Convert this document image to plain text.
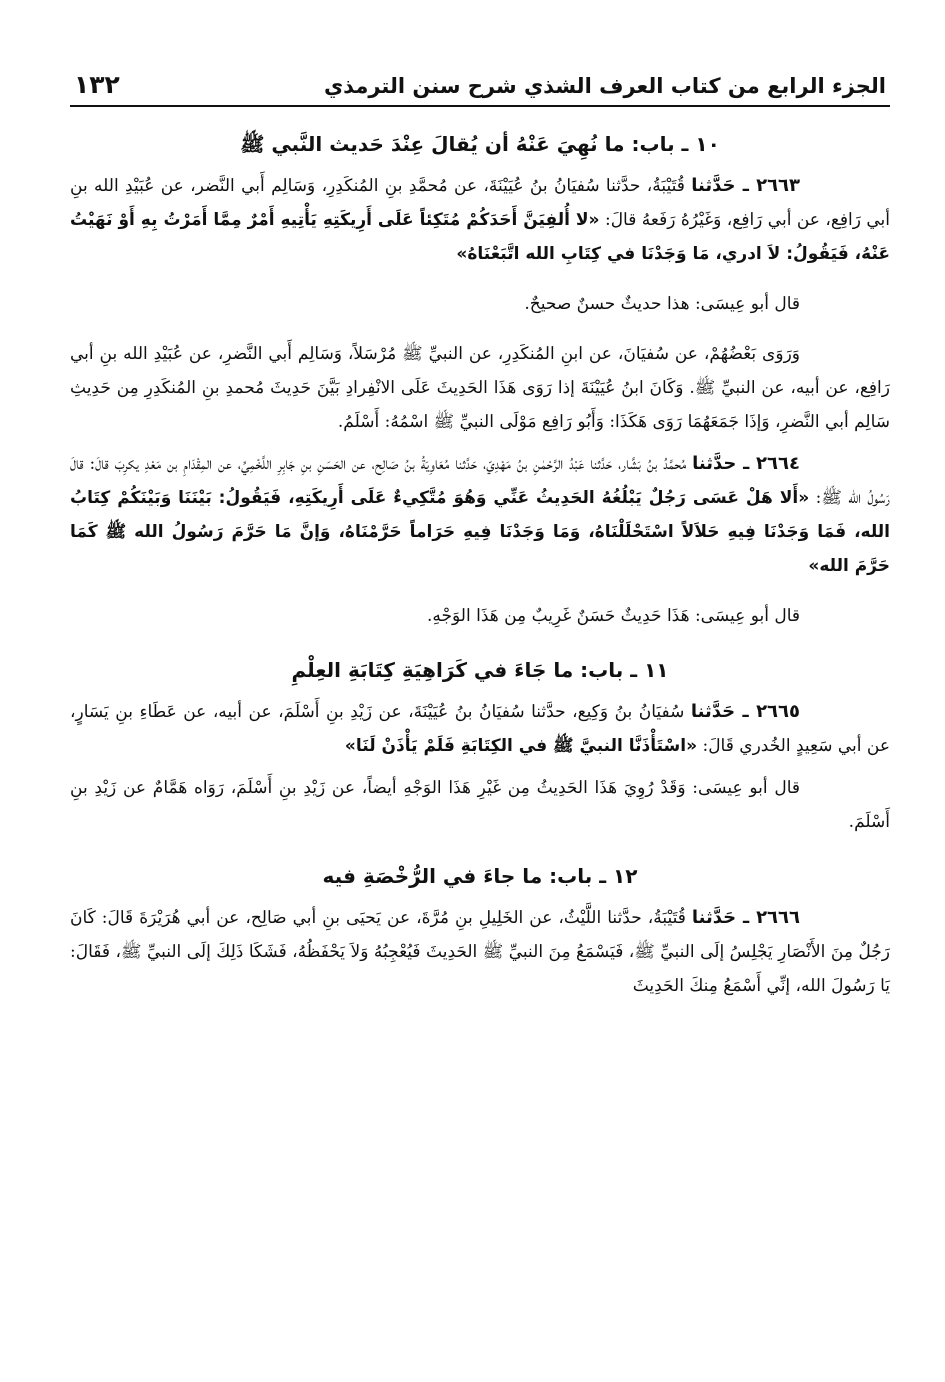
الجزء الرابع من كتاب العرف الشذي شرح سنن الترمذي
١٣٢
١٠ ـ باب: ما نُهِيَ عَنْهُ أن يُقالَ عِنْدَ حَديث النَّبي ﷺ

٢٦٦٣ ـ حَدَّثنا قُتَيْبَةُ، حدَّثنا سُفيَانُ بنُ عُيَيْنَةَ، عن مُحمَّدِ بنِ المُنكَدِرِ، وَسَالِم أَبي النَّضر، عن عُبَيْدِ الله بنِ أبي رَافِع، عن أبي رَافِع، وَغَيْرُهُ رَفَعهُ قالَ: «لا أُلفِيَنَّ أَحَدَكُمْ مُتَكِئاً عَلَى أَرِيكَتِهِ يَأْتِيهِ أَمْرٌ مِمَّا أَمَرْتُ بِهِ أَوْ نَهَيْتُ عَنْهُ، فَيَقُولُ: لاَ ادري، مَا وَجَدْنَا في كِتَابِ الله اتَّبَعْنَاهُ»

قال أبو عِيسَى: هذا حديثٌ حسنٌ صحيحٌ.

وَرَوَى بَعْضُهُمْ، عن سُفيَانَ، عن ابنِ المُنكَدِرِ، عن النبيِّ ﷺ مُرْسَلاً، وَسَالِم أَبي النَّضرِ، عن عُبَيْدِ الله بنِ أبي رَافِع، عن أبيه، عن النبيِّ ﷺ. وَكَانَ ابنُ عُيَيْنَةَ إذا رَوَى هَذَا الحَدِيثَ عَلَى الانْفِرادِ بَيَّنَ حَدِيثَ مُحمدِ بنِ المُنكَدِرِ مِن حَدِيثِ سَالِم أبي النَّضرِ، وَإذَا جَمَعَهُمَا رَوَى هَكَذَا: وَأَبُو رَافِع مَوْلَى النبيِّ ﷺ اسْمُهُ: أَسْلَمُ.

٢٦٦٤ ـ حدَّثنا مُحمَّدُ بنُ بَشَّار، حَدَّثنا عَبْدُ الرَّحْمٰنِ بنُ مَهْدِيّ، حَدَّثنا مُعَاوِيَةُ بنُ صَالِح، عن الحَسَنِ بنِ جَابِرِ اللَّخْمِيِّ، عن المِقْدَامِ بن مَعْدِ يكرِبَ قالَ: قالَ رَسُولُ الله ﷺ: «أَلا هَلْ عَسَى رَجُلٌ يَبْلُغُهُ الحَدِيثُ عَنِّي وَهُوَ مُتَّكِيءٌ عَلَى أَرِيكَتِهِ، فَيَقُولُ: بَيْنَنَا وَبَيْنَكُمْ كِتَابُ الله، فَمَا وَجَدْنَا فِيهِ حَلاَلاً اسْتَحْلَلْنَاهُ، وَمَا وَجَدْنَا فِيهِ حَرَاماً حَرَّمْنَاهُ، وَإنَّ مَا حَرَّمَ رَسُولُ الله ﷺ كَمَا حَرَّمَ الله»

قال أبو عِيسَى: هَذَا حَدِيثٌ حَسَنٌ غَرِيبٌ مِن هَذَا الوَجْهِ.

١١ ـ باب: ما جَاءَ في كَرَاهِيَةِ كِتَابَةِ العِلْمِ

٢٦٦٥ ـ حَدَّثنا سُفيَانُ بنُ وَكِيع، حدَّثنا سُفيَانُ بنُ عُيَيْنَةَ، عن زَيْدِ بنِ أَسْلَمَ، عن أبيه، عن عَطَاءِ بنِ يَسَارٍ، عن أبي سَعِيدٍ الخُدري قَالَ: «اسْتَأْذَنَّا النبيَّ ﷺ في الكِتَابَةِ فَلَمْ يَأْذَنْ لَنَا»

قال أبو عِيسَى: وَقَدْ رُوِيَ هَذَا الحَدِيثُ مِن غَيْرِ هَذَا الوَجْهِ أيضاً، عن زَيْدِ بنِ أَسْلَمَ، رَوَاه هَمَّامٌ عن زَيْدِ بنِ أَسْلَمَ.

١٢ ـ باب: ما جاءَ في الرُّخْصَةِ فيه

٢٦٦٦ ـ حَدَّثنا قُتَيْبَةُ، حدَّثنا اللَّيْثُ، عن الخَلِيلِ بنِ مُرَّةَ، عن يَحيَى بنِ أبي صَالِح، عن أبي هُرَيْرَةَ قَالَ: كَانَ رَجُلٌ مِنَ الأَنْصَارِ يَجْلِسُ إلَى النبيِّ ﷺ، فَيَسْمَعُ مِنَ النبيِّ ﷺ الحَدِيثَ فَيُعْجِبُهُ وَلاَ يَحْفَظُهُ، فَشَكَا ذَلِكَ إلَى النبيِّ ﷺ، فَقَالَ: يَا رَسُولَ الله، إنِّي أَسْمَعُ مِنكَ الحَدِيثَ
